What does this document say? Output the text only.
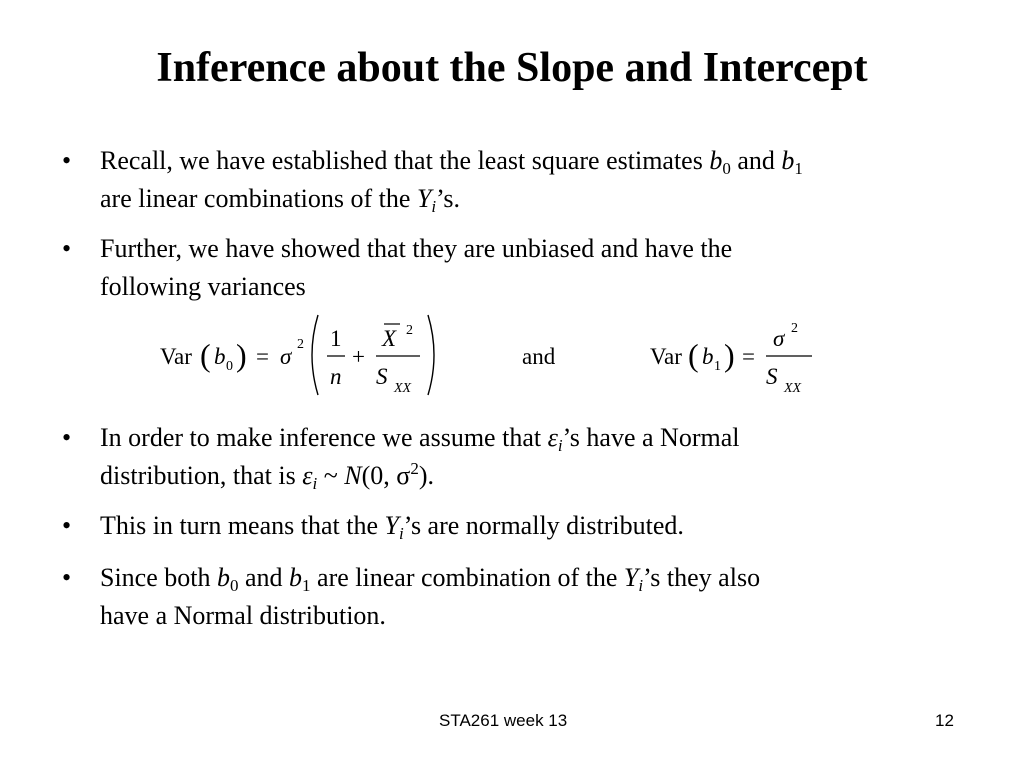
Inference about the Slope and Intercept
• Recall, we have established that the least square estimates $b_0$ and $b_1$
are linear combinations of the $Y_i’s$.
• Further, we have showed that they are unbiased and have the
following variances
Var ( b 0 ) = σ 2 1
n
+
X 2
S XX
and	Var ( b 1 ) =
σ 2
S XX
• In order to make inference we assume that $\varepsilon_i’s$ have a Normal
distribution, that is $\varepsilon_i$ ~ N(0, $\sigma^2$).
• This in turn means that the $Y_i’s$ are normally distributed.
• Since both $b_0$ and $b_1$ are linear combination of the $Y_i’s$ they also
have a Normal distribution.
STA261 week 13	12
